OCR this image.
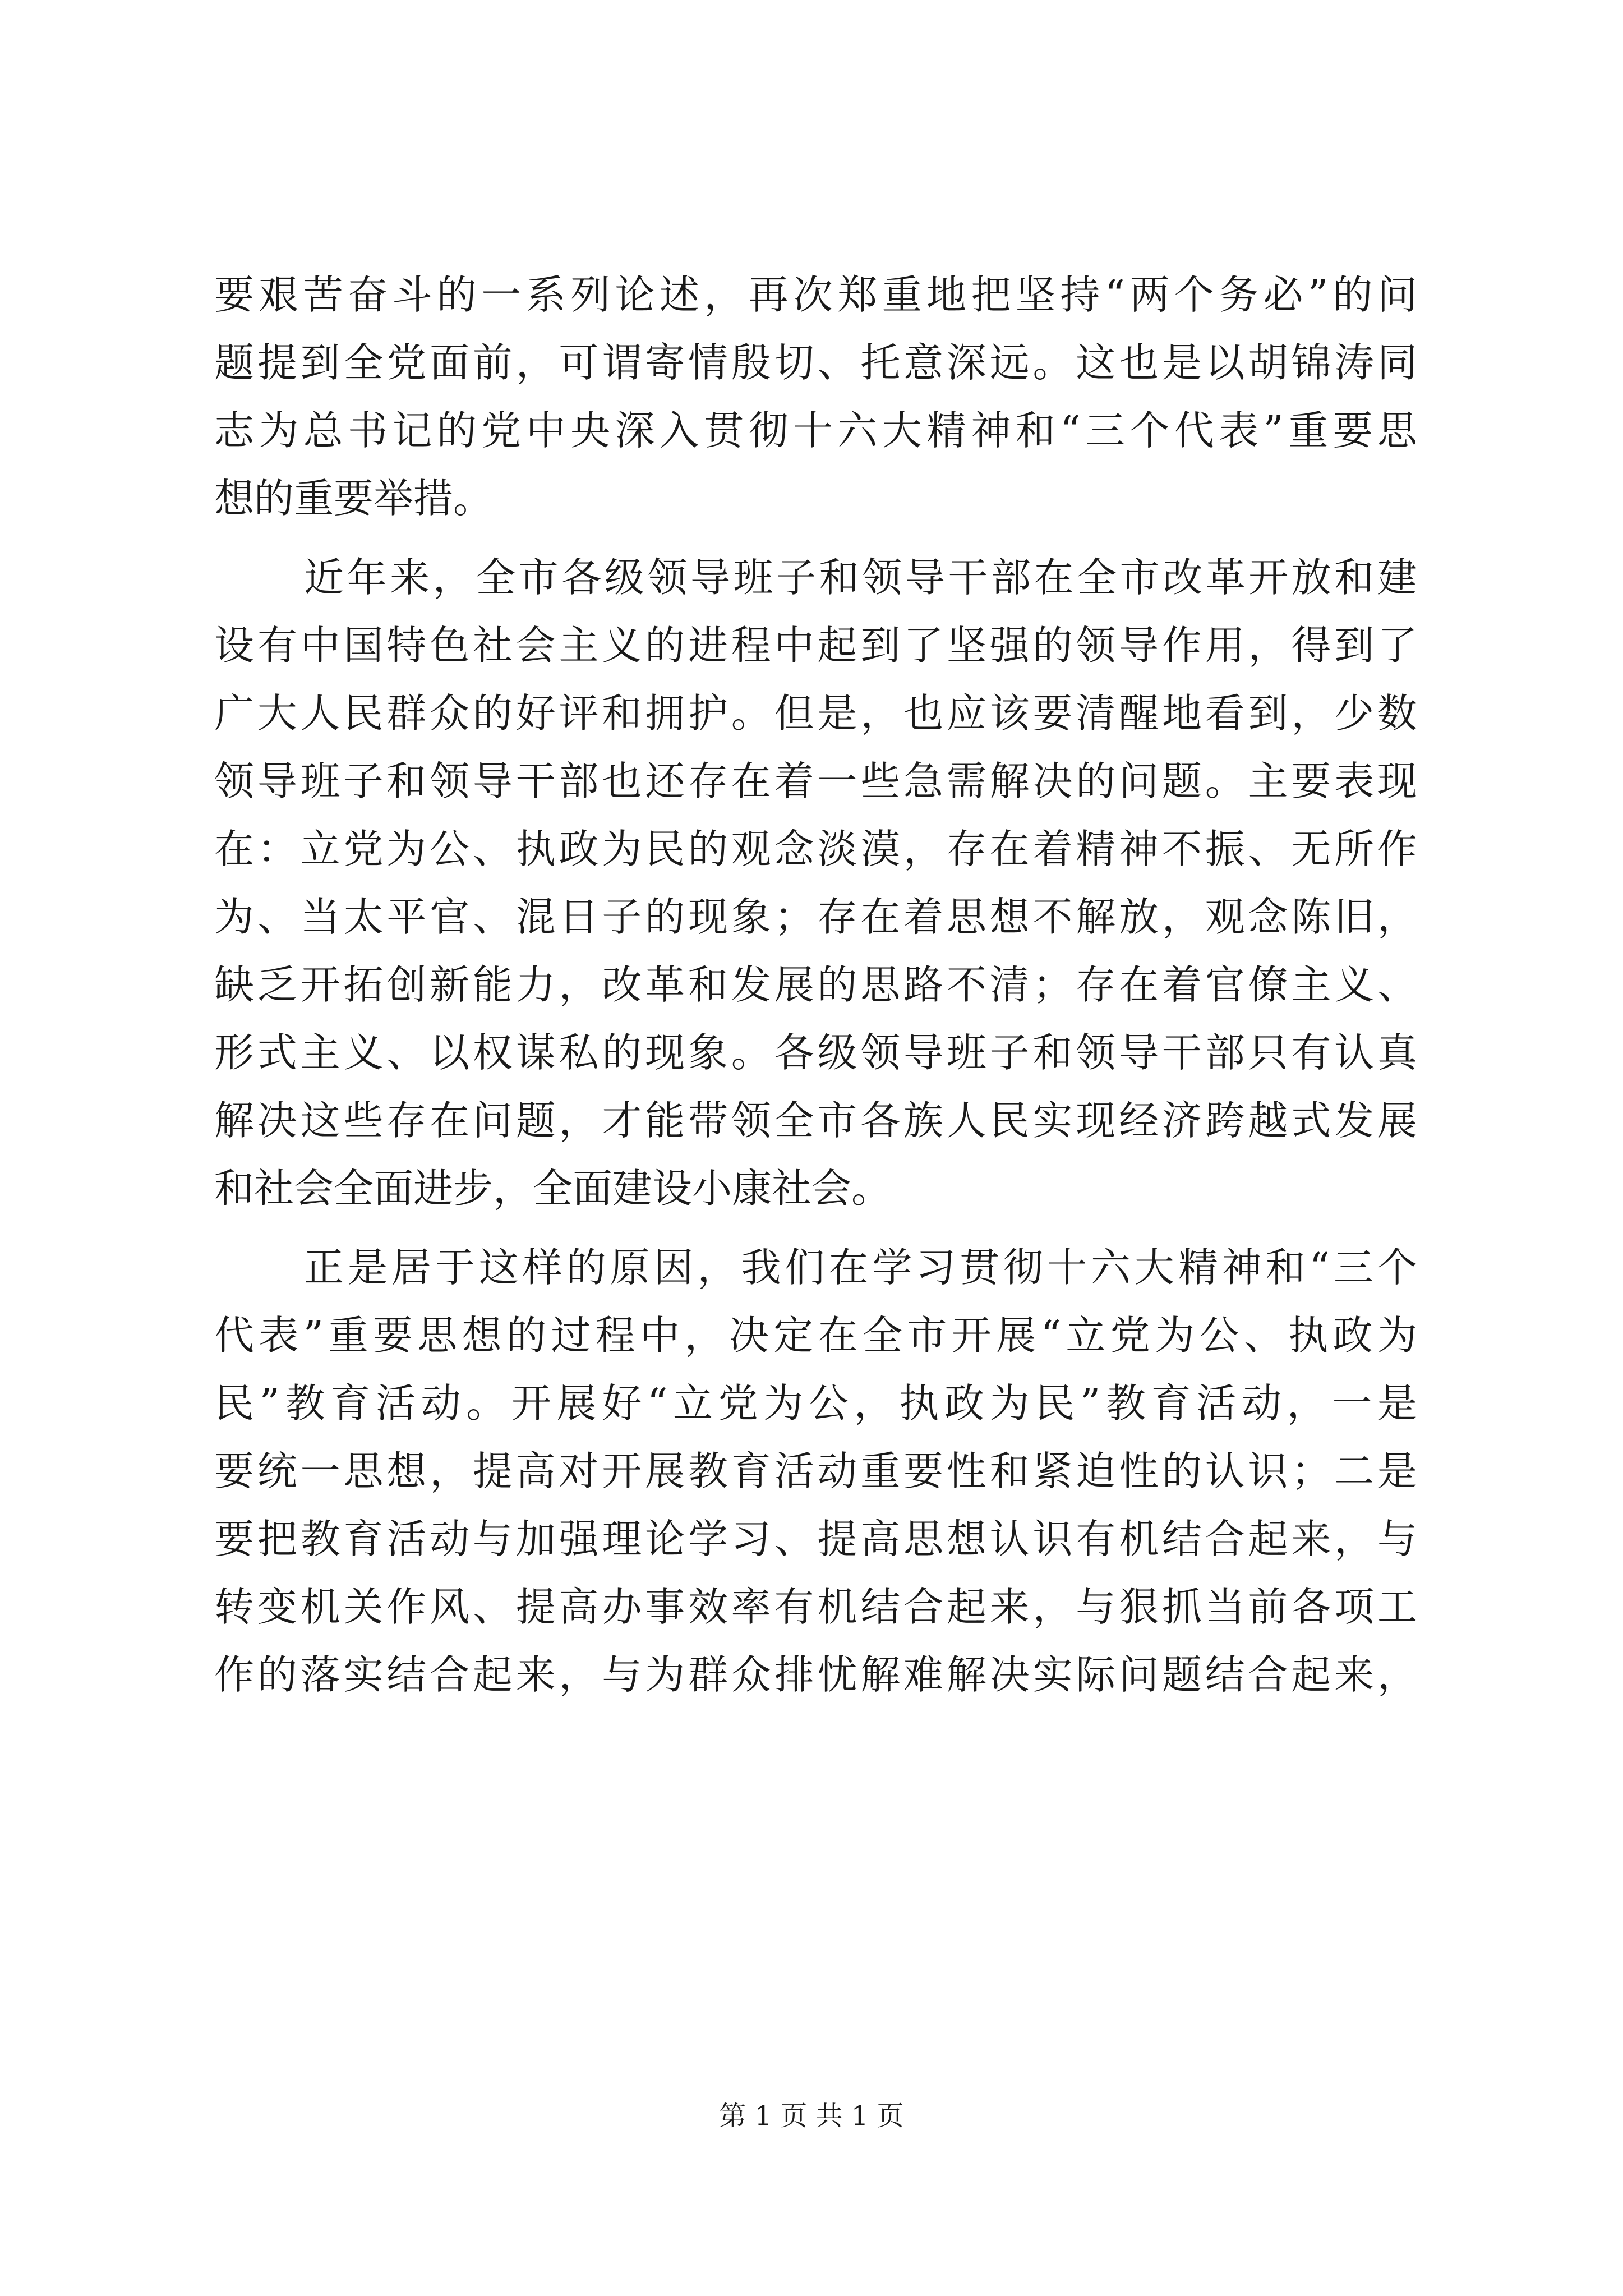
要艰苦奋斗的一系列论述，再次郑重地把坚持“两个务必”的问
题提到全党面前，可谓寄情殷切、托意深远。这也是以胡锦涛同
志为总书记的党中央深入贯彻十六大精神和“三个代表”重要思
想的重要举措。
近年来，全市各级领导班子和领导干部在全市改革开放和建
设有中国特色社会主义的进程中起到了坚强的领导作用，得到了
广大人民群众的好评和拥护。但是，也应该要清醒地看到，少数
领导班子和领导干部也还存在着一些急需解决的问题。主要表现
在：立党为公、执政为民的观念淡漠，存在着精神不振、无所作
为、当太平官、混日子的现象；存在着思想不解放，观念陈旧，
缺乏开拓创新能力，改革和发展的思路不清；存在着官僚主义、
形式主义、以权谋私的现象。各级领导班子和领导干部只有认真
解决这些存在问题，才能带领全市各族人民实现经济跨越式发展
和社会全面进步，全面建设小康社会。
正是居于这样的原因，我们在学习贯彻十六大精神和“三个
代表”重要思想的过程中，决定在全市开展“立党为公、执政为
民”教育活动。开展好“立党为公，执政为民”教育活动，一是
要统一思想，提高对开展教育活动重要性和紧迫性的认识；二是
要把教育活动与加强理论学习、提高思想认识有机结合起来，与
转变机关作风、提高办事效率有机结合起来，与狠抓当前各项工
作的落实结合起来，与为群众排忧解难解决实际问题结合起来，
第 1 页 共 1 页
